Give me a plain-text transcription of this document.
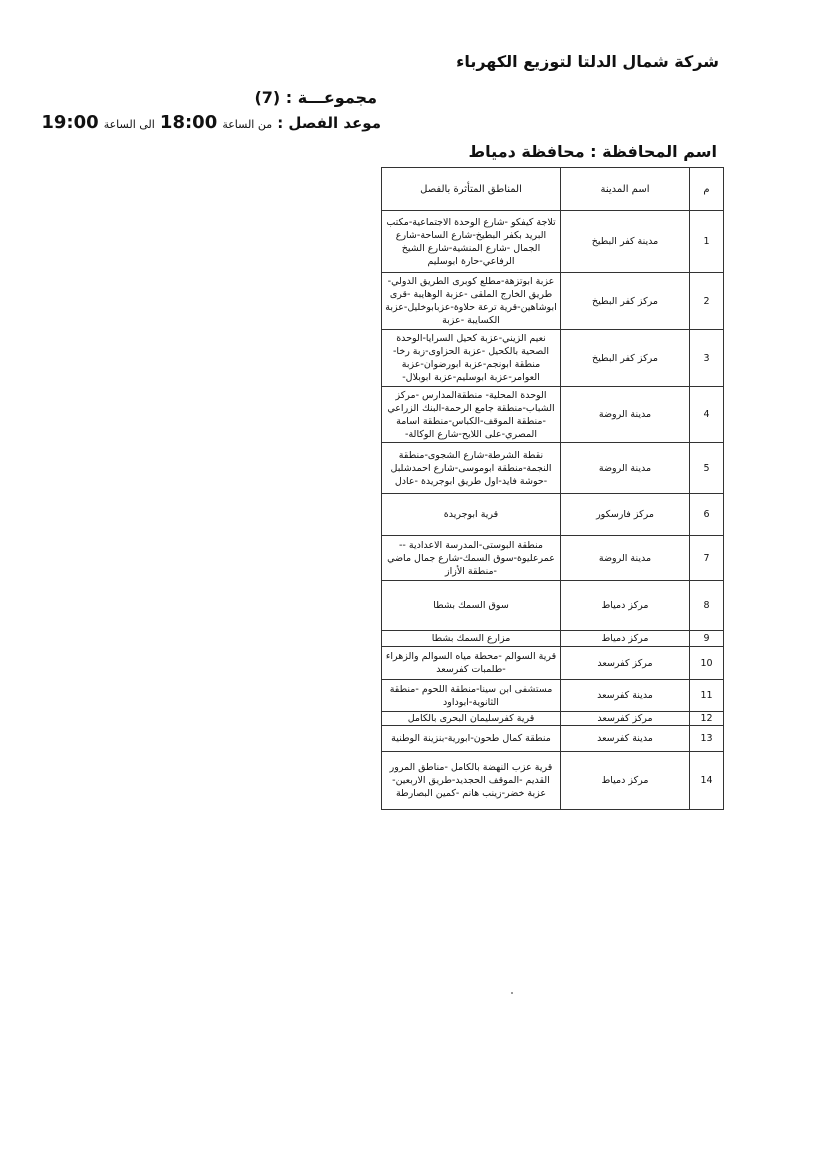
شركة شمال الدلتا لتوزيع الكهرباء
مجموعـــة : (7)
موعد الفصل : من الساعة 18:00 الى الساعة 19:00
اسم المحافظة : محافظة دمياط
م	اسم المدينة	المناطق المتأثرة بالفصل
1	مدينة كفر البطيخ	تلاجة كيفكو -شارع الوحدة الاجتماعية-مكتب البريد بكفر البطيخ-شارع الساحة-شارع الجمال -شارع المنشية-شارع الشيخ الرفاعي-حارة ابوسليم
2	مركز كفر البطيخ	عزبة ابوتزهة-مطلع كوبرى الطريق الدولي-طريق الخارج الملقى -عزبة الوهايبة -قرى ابوشاهين-قرية ترعة حلاوة-عزبابوخليل-عزبة الكسايبة -عزبة
3	مركز كفر البطيخ	نعيم الزيني-عزبة كحيل السرايا-الوحدة الصحية بالكحيل -عزبة الحزاوى-زبة رخا-منطقة ابونجم-عزبة ابورضوان-عزبة العوامر-عزبة ابوسليم-عزبة ابوبلال-
4	مدينة الروضة	الوحدة المحلية- منطقةالمدارس -مركز الشباب-منطقة جامع الرحمة-البنك الزراعي -منطقة الموقف-الكباس-منطقة اسامة المصري-على اللايح-شارع الوكالة-
5	مدينة الروضة	نقطة الشرطة-شارع الشجوى-منطقة النجمة-منطقة ابوموسى-شارع احمدشلبل -حوشة فايد-اول طريق ابوجريدة -عادل
6	مركز فارسكور	قرية ابوجريدة
7	مدينة الروضة	منطقة البوستى-المدرسة الاعدادية -- عمرعليوة-سوق السمك-شارع جمال ماضي -منطقة الأزاز
8	مركز دمياط	سوق السمك بشطا
9	مركز دمياط	مزارع السمك بشطا
10	مركز كفرسعد	قرية السوالم -محطة مياه السوالم والزهراء -طلمبات كفرسعد
11	مدينة كفرسعد	مستشفى ابن سينا-منطقة اللحوم -منطقة الثانوية-ابوداود
12	مركز كفرسعد	قرية كفرسليمان البحرى بالكامل
13	مدينة كفرسعد	منطقة كمال طحون-ابورية-بنزينة الوطنية
14	مركز دمياط	قرية عزب النهضة بالكامل -مناطق المرور القديم -الموقف الحجديد-طريق الاربعين-عزبة خضر-زينب هانم -كمين البصارطة
